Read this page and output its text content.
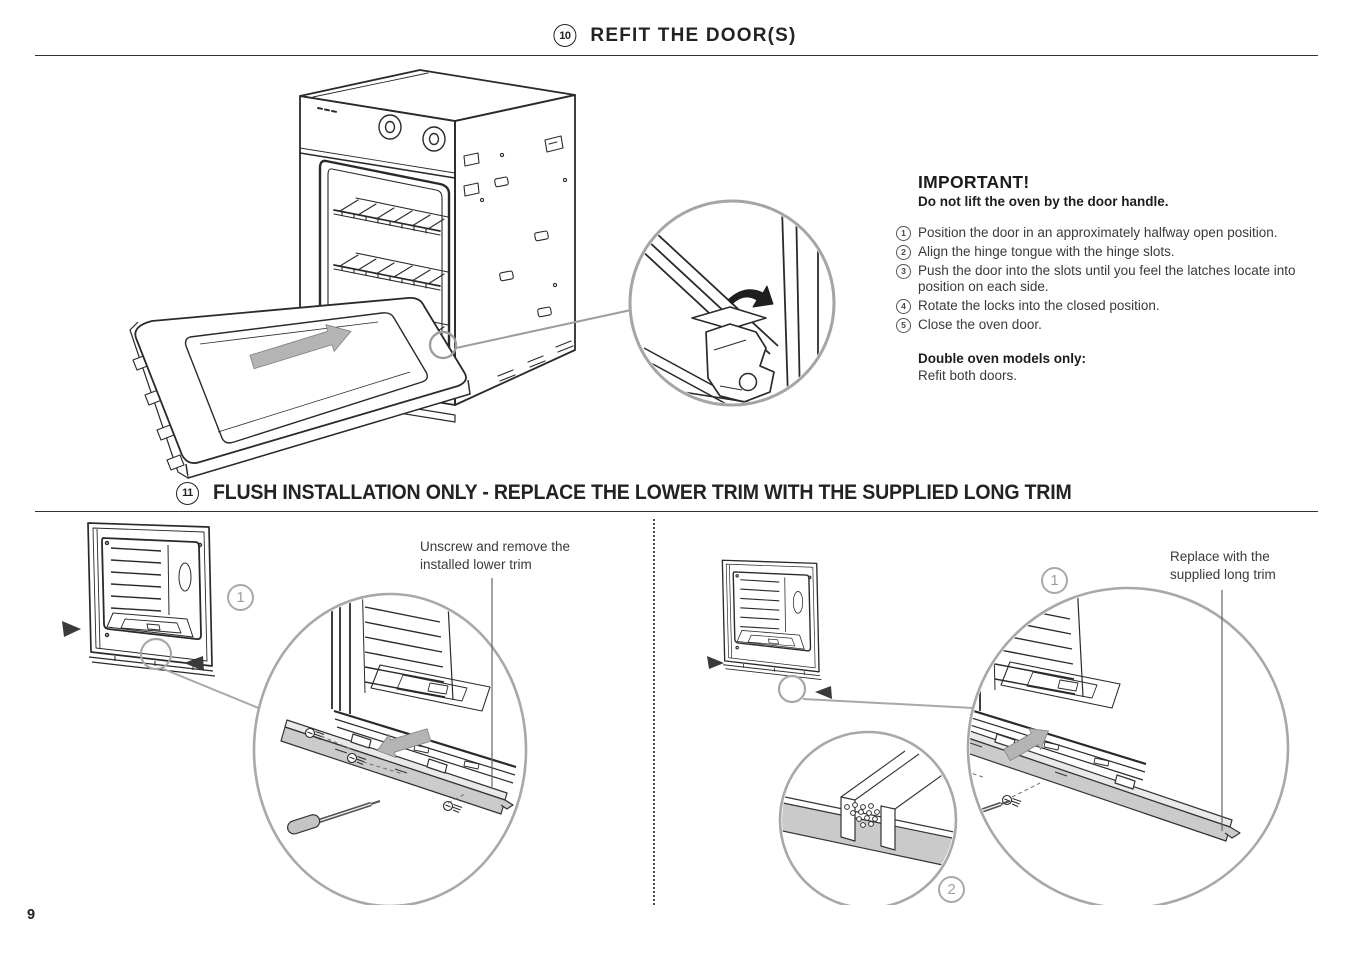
10	REFIT THE DOOR(S)
IMPORTANT!

Do not lift the oven by the door handle.

1 Position the door in an approximately halfway open position.
2 Align the hinge tongue with the hinge slots.
3 Push the door into the slots until you feel the latches locate into position on each side.
4 Rotate the locks into the closed position.
5 Close the oven door.

Double oven models only:

Refit both doors.

11 FLUSH INSTALLATION ONLY - REPLACE THE LOWER TRIM WITH THE SUPPLIED LONG TRIM
Unscrew and remove the installed lower trim
Replace with the supplied long trim
1
1
2
9
